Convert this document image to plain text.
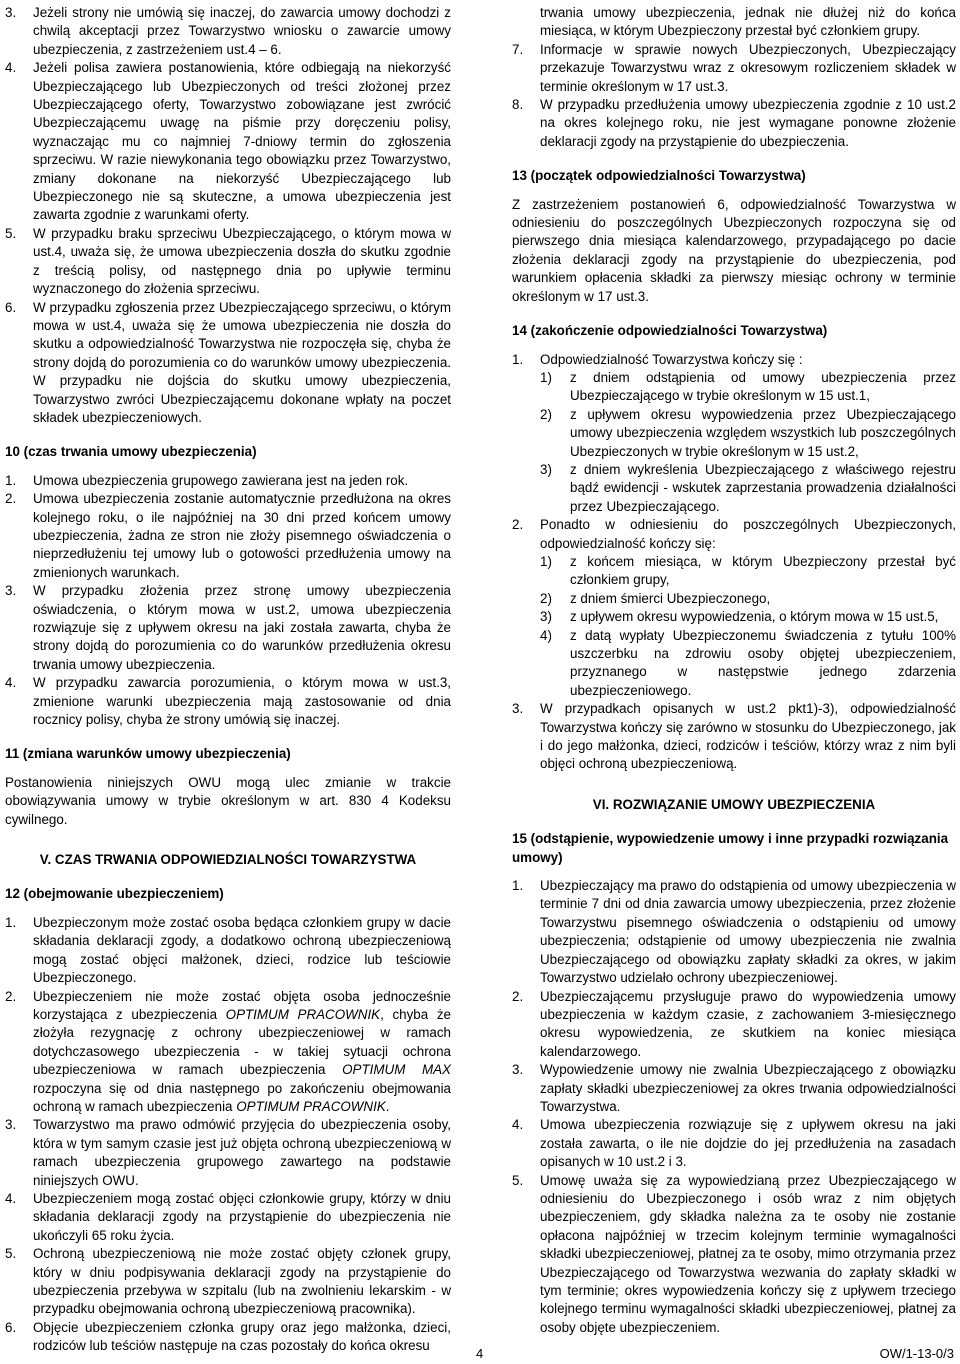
3.	Jeżeli strony nie umówią się inaczej, do zawarcia umowy dochodzi z chwilą akceptacji przez Towarzystwo wniosku o zawarcie umowy ubezpieczenia, z zastrzeżeniem ust.4 – 6.
4.	Jeżeli polisa zawiera postanowienia, które odbiegają na niekorzyść Ubezpieczającego lub Ubezpieczonych od treści złożonej przez Ubezpieczającego oferty, Towarzystwo zobowiązane jest zwrócić Ubezpieczającemu uwagę na piśmie przy doręczeniu polisy, wyznaczając mu co najmniej 7-dniowy termin do zgłoszenia sprzeciwu. W razie niewykonania tego obowiązku przez Towarzystwo, zmiany dokonane na niekorzyść Ubezpieczającego lub Ubezpieczonego nie są skuteczne, a umowa ubezpieczenia jest zawarta zgodnie z warunkami oferty.
5.	W przypadku braku sprzeciwu Ubezpieczającego, o którym mowa w ust.4, uważa się, że umowa ubezpieczenia doszła do skutku zgodnie z treścią polisy, od następnego dnia po upływie terminu wyznaczonego do złożenia sprzeciwu.
6.	W przypadku zgłoszenia przez Ubezpieczającego sprzeciwu, o którym mowa w ust.4, uważa się że umowa ubezpieczenia nie doszła do skutku a odpowiedzialność Towarzystwa nie rozpoczęła się, chyba że strony dojdą do porozumienia co do warunków umowy ubezpieczenia. W przypadku nie dojścia do skutku umowy ubezpieczenia, Towarzystwo zwróci Ubezpieczającemu dokonane wpłaty na poczet składek ubezpieczeniowych.
10 (czas trwania umowy ubezpieczenia)
1.	Umowa ubezpieczenia grupowego zawierana jest na jeden rok.
2.	Umowa ubezpieczenia zostanie automatycznie przedłużona na okres kolejnego roku, o ile najpóźniej na 30 dni przed końcem umowy ubezpieczenia, żadna ze stron nie złoży pisemnego oświadczenia o nieprzedłużeniu tej umowy lub o gotowości przedłużenia umowy na zmienionych warunkach.
3.	W przypadku złożenia przez stronę umowy ubezpieczenia oświadczenia, o którym mowa w ust.2, umowa ubezpieczenia rozwiązuje się z upływem okresu na jaki została zawarta, chyba że strony dojdą do porozumienia co do warunków przedłużenia okresu trwania umowy ubezpieczenia.
4.	W przypadku zawarcia porozumienia, o którym mowa w ust.3, zmienione warunki ubezpieczenia mają zastosowanie od dnia rocznicy polisy, chyba że strony umówią się inaczej.
11 (zmiana warunków umowy ubezpieczenia)

Postanowienia niniejszych OWU mogą ulec zmianie w trakcie obowiązywania umowy w trybie określonym w art. 830 4 Kodeksu cywilnego.

V. CZAS TRWANIA ODPOWIEDZIALNOŚCI TOWARZYSTWA
12 (obejmowanie ubezpieczeniem)
1.	Ubezpieczonym może zostać osoba będąca członkiem grupy w dacie składania deklaracji zgody, a dodatkowo ochroną ubezpieczeniową mogą zostać objęci małżonek, dzieci, rodzice lub teściowie Ubezpieczonego.
2.	Ubezpieczeniem nie może zostać objęta osoba jednocześnie korzystająca z ubezpieczenia OPTIMUM PRACOWNIK, chyba że złożyła rezygnację z ochrony ubezpieczeniowej w ramach dotychczasowego ubezpieczenia - w takiej sytuacji ochrona ubezpieczeniowa w ramach ubezpieczenia OPTIMUM MAX rozpoczyna się od dnia następnego po zakończeniu obejmowania ochroną w ramach ubezpieczenia OPTIMUM PRACOWNIK.
3.	Towarzystwo ma prawo odmówić przyjęcia do ubezpieczenia osoby, która w tym samym czasie jest już objęta ochroną ubezpieczeniową w ramach ubezpieczenia grupowego zawartego na podstawie niniejszych OWU.
4.	Ubezpieczeniem mogą zostać objęci członkowie grupy, którzy w dniu składania deklaracji zgody na przystąpienie do ubezpieczenia nie ukończyli 65 roku życia.
5.	Ochroną ubezpieczeniową nie może zostać objęty członek grupy, który w dniu podpisywania deklaracji zgody na przystąpienie do ubezpieczenia przebywa w szpitalu (lub na zwolnieniu lekarskim - w przypadku obejmowania ochroną ubezpieczeniową pracownika).
6.	Objęcie ubezpieczeniem członka grupy oraz jego małżonka, dzieci, rodziców lub teściów następuje na czas pozostały do końca okresu

trwania umowy ubezpieczenia, jednak nie dłużej niż do końca miesiąca, w którym Ubezpieczony przestał być członkiem grupy.

7.	Informacje w sprawie nowych Ubezpieczonych, Ubezpieczający przekazuje Towarzystwu wraz z okresowym rozliczeniem składek w terminie określonym w 17 ust.3.
8.	W przypadku przedłużenia umowy ubezpieczenia zgodnie z 10 ust.2 na okres kolejnego roku, nie jest wymagane ponowne złożenie deklaracji zgody na przystąpienie do ubezpieczenia.
13 (początek odpowiedzialności Towarzystwa)

Z zastrzeżeniem postanowień 6, odpowiedzialność Towarzystwa w odniesieniu do poszczególnych Ubezpieczonych rozpoczyna się od pierwszego dnia miesiąca kalendarzowego, przypadającego po dacie złożenia deklaracji zgody na przystąpienie do ubezpieczenia, pod warunkiem opłacenia składki za pierwszy miesiąc ochrony w terminie określonym w 17 ust.3.

14 (zakończenie odpowiedzialności Towarzystwa)
1.	Odpowiedzialność Towarzystwa kończy się :
1)	z dniem odstąpienia od umowy ubezpieczenia przez Ubezpieczającego w trybie określonym w 15 ust.1,
2)	z upływem okresu wypowiedzenia przez Ubezpieczającego umowy ubezpieczenia względem wszystkich lub poszczególnych Ubezpieczonych w trybie określonym w 15 ust.2,
3)	z dniem wykreślenia Ubezpieczającego z właściwego rejestru bądź ewidencji - wskutek zaprzestania prowadzenia działalności przez Ubezpieczającego.
2.	Ponadto w odniesieniu do poszczególnych Ubezpieczonych, odpowiedzialność kończy się:
1)	z końcem miesiąca, w którym Ubezpieczony przestał być członkiem grupy,
2)	z dniem śmierci Ubezpieczonego,
3)	z upływem okresu wypowiedzenia, o którym mowa w 15 ust.5,
4)	z datą wypłaty Ubezpieczonemu świadczenia z tytułu 100% uszczerbku na zdrowiu osoby objętej ubezpieczeniem, przyznanego w następstwie jednego zdarzenia ubezpieczeniowego.
3.	W przypadkach opisanych w ust.2 pkt1)-3), odpowiedzialność Towarzystwa kończy się zarówno w stosunku do Ubezpieczonego, jak i do jego małżonka, dzieci, rodziców i teściów, którzy wraz z nim byli objęci ochroną ubezpieczeniową.
VI. ROZWIĄZANIE UMOWY UBEZPIECZENIA
15 (odstąpienie, wypowiedzenie umowy i inne przypadki rozwiązania umowy)
1.	Ubezpieczający ma prawo do odstąpienia od umowy ubezpieczenia w terminie 7 dni od dnia zawarcia umowy ubezpieczenia, przez złożenie Towarzystwu pisemnego oświadczenia o odstąpieniu od umowy ubezpieczenia; odstąpienie od umowy ubezpieczenia nie zwalnia Ubezpieczającego od obowiązku zapłaty składki za okres, w jakim Towarzystwo udzielało ochrony ubezpieczeniowej.
2.	Ubezpieczającemu przysługuje prawo do wypowiedzenia umowy ubezpieczenia w każdym czasie, z zachowaniem 3-miesięcznego okresu wypowiedzenia, ze skutkiem na koniec miesiąca kalendarzowego.
3.	Wypowiedzenie umowy nie zwalnia Ubezpieczającego z obowiązku zapłaty składki ubezpieczeniowej za okres trwania odpowiedzialności Towarzystwa.
4.	Umowa ubezpieczenia rozwiązuje się z upływem okresu na jaki została zawarta, o ile nie dojdzie do jej przedłużenia na zasadach opisanych w 10 ust.2 i 3.
5.	Umowę uważa się za wypowiedzianą przez Ubezpieczającego w odniesieniu do Ubezpieczonego i osób wraz z nim objętych ubezpieczeniem, gdy składka należna za te osoby nie zostanie opłacona najpóźniej w trzecim kolejnym terminie wymagalności składki ubezpieczeniowej, płatnej za te osoby, mimo otrzymania przez Ubezpieczającego od Towarzystwa wezwania do zapłaty składki w tym terminie; okres wypowiedzenia kończy się z upływem trzeciego kolejnego terminu wymagalności składki ubezpieczeniowej, płatnej za osoby objęte ubezpieczeniem.
4	OW/1-13-0/3
